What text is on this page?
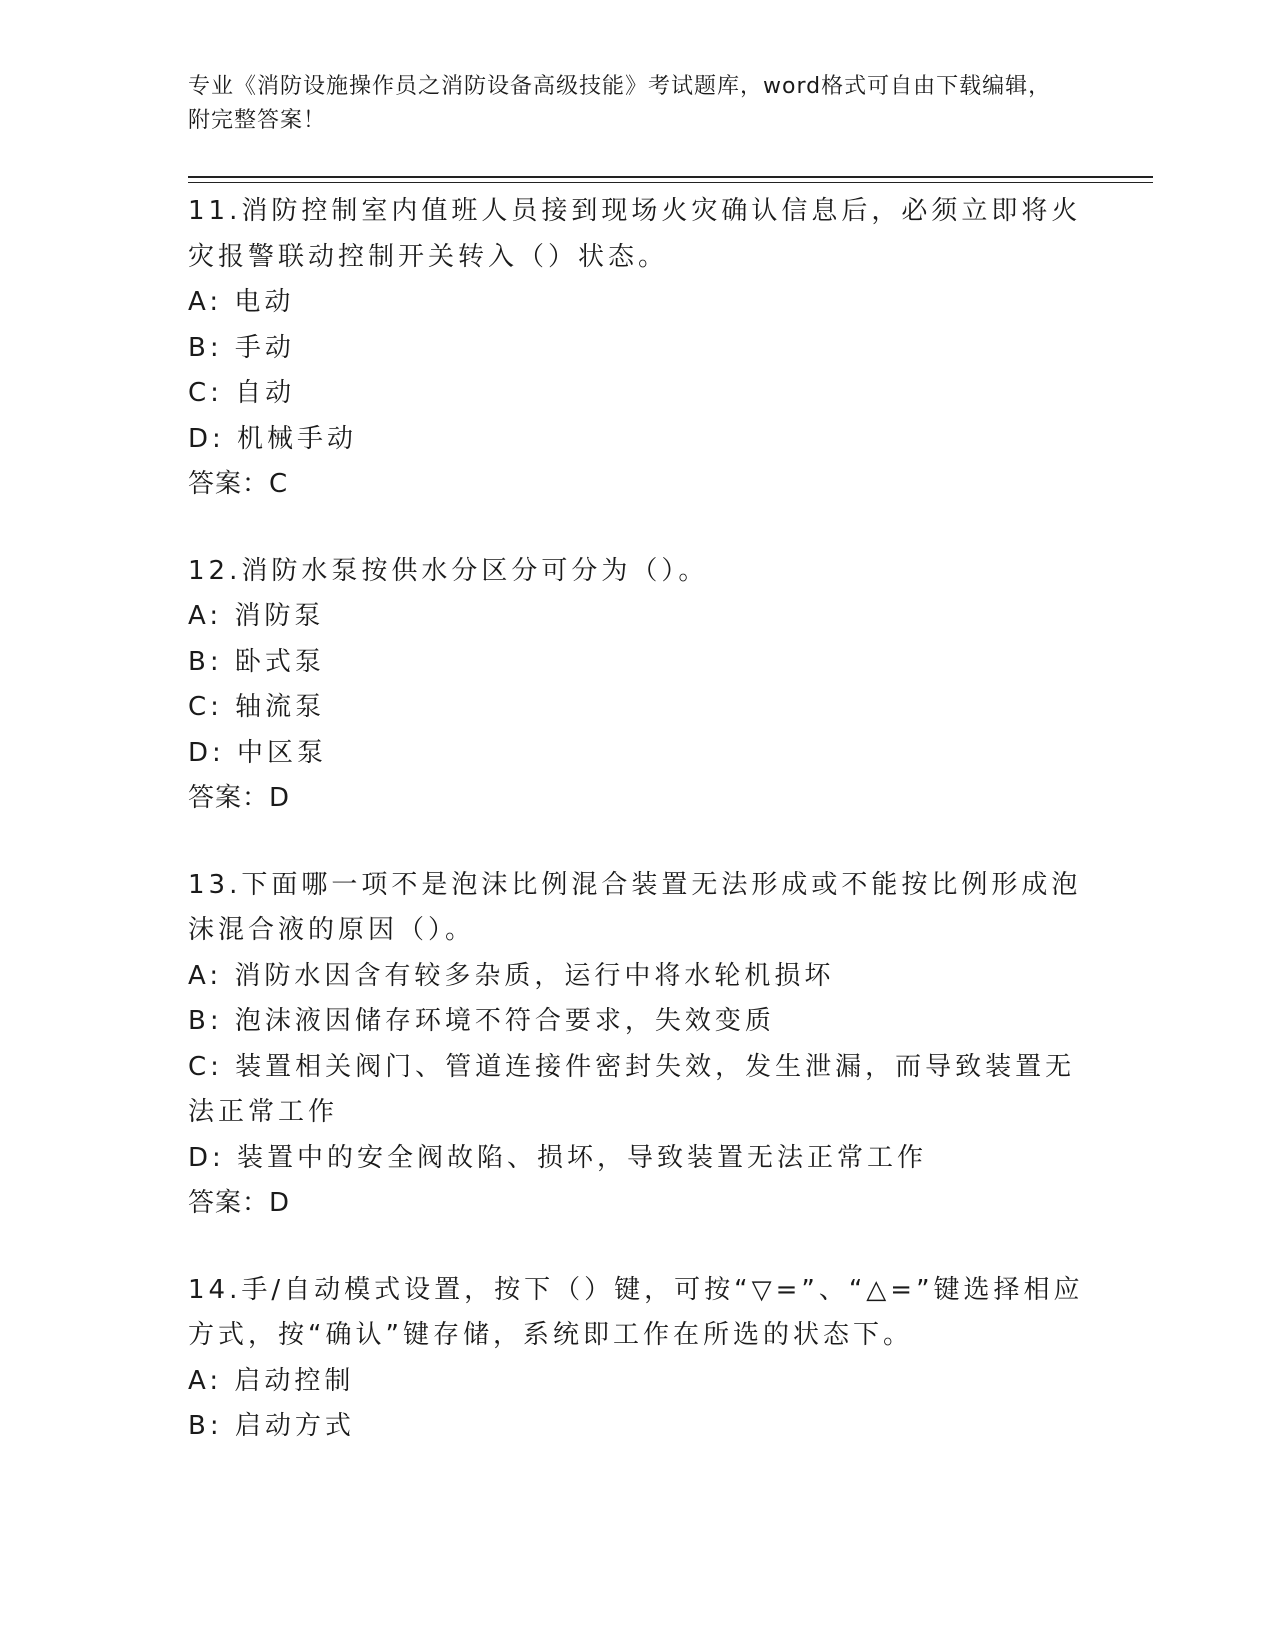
专业《消防设施操作员之消防设备高级技能》考试题库，word格式可自由下载编辑，附完整答案！
11.消防控制室内值班人员接到现场火灾确认信息后，必须立即将火灾报警联动控制开关转入（）状态。
A: 电动
B: 手动
C: 自动
D: 机械手动
答案：C
12.消防水泵按供水分区分可分为（）。
A: 消防泵
B: 卧式泵
C: 轴流泵
D: 中区泵
答案：D
13.下面哪一项不是泡沫比例混合装置无法形成或不能按比例形成泡沫混合液的原因（）。
A: 消防水因含有较多杂质，运行中将水轮机损坏
B: 泡沫液因储存环境不符合要求，失效变质
C: 装置相关阀门、管道连接件密封失效，发生泄漏，而导致装置无法正常工作
D: 装置中的安全阀故陷、损坏，导致装置无法正常工作
答案：D
14.手/自动模式设置，按下（）键，可按“▽=”、“△=”键选择相应方式，按“确认”键存储，系统即工作在所选的状态下。
A: 启动控制
B: 启动方式
